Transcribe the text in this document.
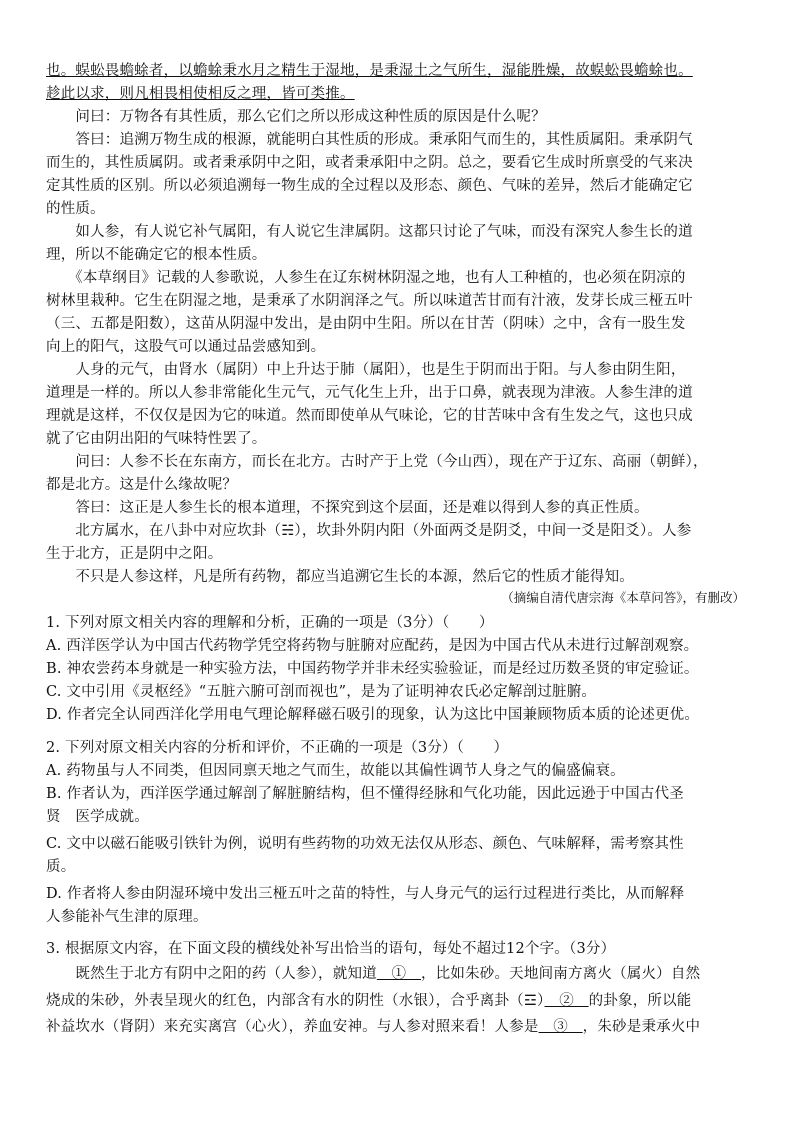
也。蜈蚣畏蟾蜍者，以蟾蜍秉水月之精生于湿地，是秉湿土之气所生，湿能胜燥，故蜈蚣畏蟾蜍也。
趁此以求，则凡相畏相使相反之理，皆可类推。
　　问曰：万物各有其性质，那么它们之所以形成这种性质的原因是什么呢？
　　答曰：追溯万物生成的根源，就能明白其性质的形成。秉承阳气而生的，其性质属阳。秉承阴气
而生的，其性质属阴。或者秉承阴中之阳，或者秉承阳中之阴。总之，要看它生成时所禀受的气来决
定其性质的区别。所以必须追溯每一物生成的全过程以及形态、颜色、气味的差异，然后才能确定它
的性质。
　　如人参，有人说它补气属阳，有人说它生津属阴。这都只讨论了气味，而没有深究人参生长的道
理，所以不能确定它的根本性质。
　　《本草纲目》记载的人参歌说，人参生在辽东树林阴湿之地，也有人工种植的，也必须在阴凉的
树林里栽种。它生在阴湿之地，是秉承了水阴润泽之气。所以味道苦甘而有汁液，发芽长成三桠五叶
（三、五都是阳数），这苗从阴湿中发出，是由阴中生阳。所以在甘苦（阴味）之中，含有一股生发
向上的阳气，这股气可以通过品尝感知到。
　　人身的元气，由肾水（属阴）中上升达于肺（属阳），也是生于阴而出于阳。与人参由阴生阳，
道理是一样的。所以人参非常能化生元气，元气化生上升，出于口鼻，就表现为津液。人参生津的道
理就是这样，不仅仅是因为它的味道。然而即使单从气味论，它的甘苦味中含有生发之气，这也只成
就了它由阴出阳的气味特性罢了。
　　问曰：人参不长在东南方，而长在北方。古时产于上党（今山西），现在产于辽东、高丽（朝鲜），
都是北方。这是什么缘故呢？
　　答曰：这正是人参生长的根本道理，不探究到这个层面，还是难以得到人参的真正性质。
　　北方属水，在八卦中对应坎卦（☵），坎卦外阴内阳（外面两爻是阴爻，中间一爻是阳爻）。人参
生于北方，正是阴中之阳。
　　不只是人参这样，凡是所有药物，都应当追溯它生长的本源，然后它的性质才能得知。
（摘编自清代唐宗海《本草问答》，有删改）
1. 下列对原文相关内容的理解和分析，正确的一项是（3分）（　　）
A. 西洋医学认为中国古代药物学凭空将药物与脏腑对应配药，是因为中国古代从未进行过解剖观察。
B. 神农尝药本身就是一种实验方法，中国药物学并非未经实验验证，而是经过历数圣贤的审定验证。
C. 文中引用《灵枢经》“五脏六腑可剖而视也”，是为了证明神农氏必定解剖过脏腑。
D. 作者完全认同西洋化学用电气理论解释磁石吸引的现象，认为这比中国兼顾物质本质的论述更优。
2. 下列对原文相关内容的分析和评价，不正确的一项是（3分）（　　）
A. 药物虽与人不同类，但因同禀天地之气而生，故能以其偏性调节人身之气的偏盛偏衰。
B. 作者认为，西洋医学通过解剖了解脏腑结构，但不懂得经脉和气化功能，因此远逊于中国古代圣
贤　医学成就。
C. 文中以磁石能吸引铁针为例，说明有些药物的功效无法仅从形态、颜色、气味解释，需考察其性
质。
D. 作者将人参由阴湿环境中发出三桠五叶之苗的特性，与人身元气的运行过程进行类比，从而解释
人参能补气生津的原理。
3. 根据原文内容，在下面文段的横线处补写出恰当的语句，每处不超过12个字。（3分）
　　既然生于北方有阴中之阳的药（人参），就知道　①　，比如朱砂。天地间南方离火（属火）自然
烧成的朱砂，外表呈现火的红色，内部含有水的阴性（水银），合乎离卦（☲）　②　的卦象，所以能
补益坎水（肾阴）来充实离宫（心火），养血安神。与人参对照来看！人参是　③　，朱砂是秉承火中
